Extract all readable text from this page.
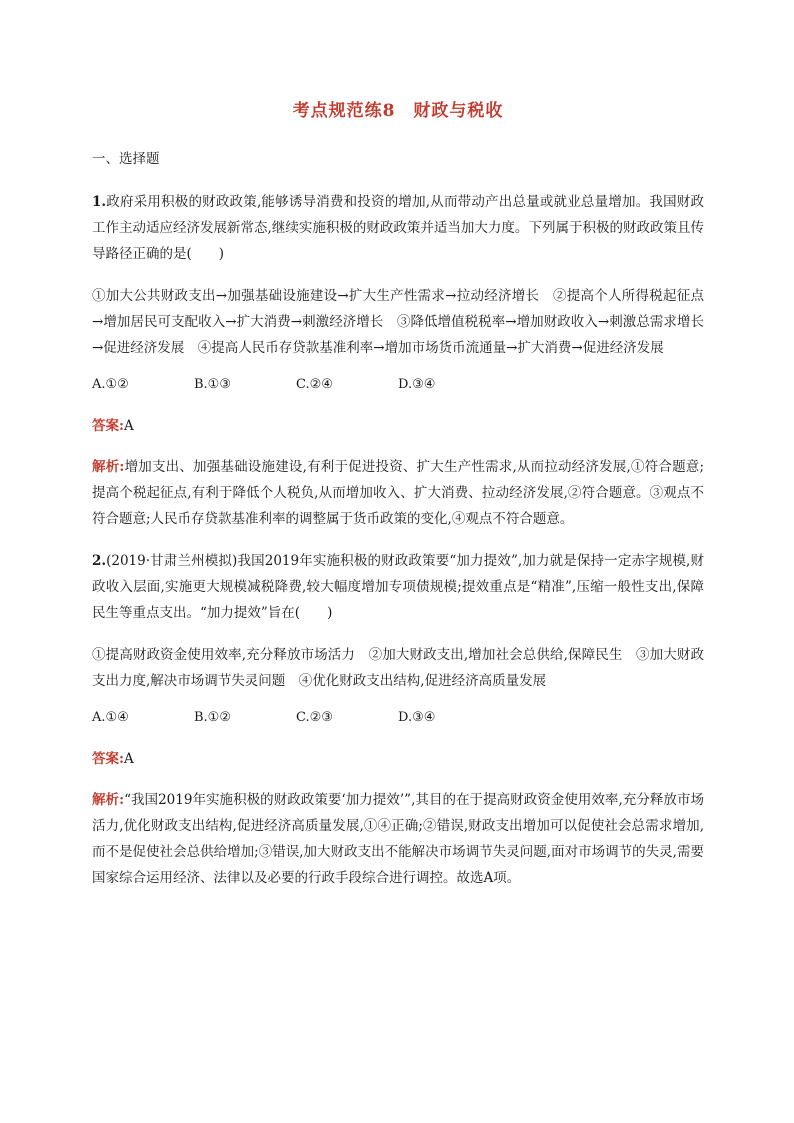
考点规范练8　财政与税收

一、选择题

1.政府采用积极的财政政策,能够诱导消费和投资的增加,从而带动产出总量或就业总量增加。我国财政工作主动适应经济发展新常态,继续实施积极的财政政策并适当加大力度。下列属于积极的财政政策且传导路径正确的是(　　)

①加大公共财政支出→加强基础设施建设→扩大生产性需求→拉动经济增长　②提高个人所得税起征点→增加居民可支配收入→扩大消费→刺激经济增长　③降低增值税税率→增加财政收入→刺激总需求增长→促进经济发展　④提高人民币存贷款基准利率→增加市场货币流通量→扩大消费→促进经济发展

A.①②	B.①③	C.②④	D.③④

答案:A

解析:增加支出、加强基础设施建设,有利于促进投资、扩大生产性需求,从而拉动经济发展,①符合题意;提高个税起征点,有利于降低个人税负,从而增加收入、扩大消费、拉动经济发展,②符合题意。③观点不符合题意;人民币存贷款基准利率的调整属于货币政策的变化,④观点不符合题意。

2.(2019·甘肃兰州模拟)我国2019年实施积极的财政政策要“加力提效”,加力就是保持一定赤字规模,财政收入层面,实施更大规模减税降费,较大幅度增加专项债规模;提效重点是“精准”,压缩一般性支出,保障民生等重点支出。“加力提效”旨在(　　)

①提高财政资金使用效率,充分释放市场活力　②加大财政支出,增加社会总供给,保障民生　③加大财政支出力度,解决市场调节失灵问题　④优化财政支出结构,促进经济高质量发展

A.①④	B.①②	C.②③	D.③④

答案:A

解析:“我国2019年实施积极的财政政策要‘加力提效’”,其目的在于提高财政资金使用效率,充分释放市场活力,优化财政支出结构,促进经济高质量发展,①④正确;②错误,财政支出增加可以促使社会总需求增加,而不是促使社会总供给增加;③错误,加大财政支出不能解决市场调节失灵问题,面对市场调节的失灵,需要国家综合运用经济、法律以及必要的行政手段综合进行调控。故选A项。
